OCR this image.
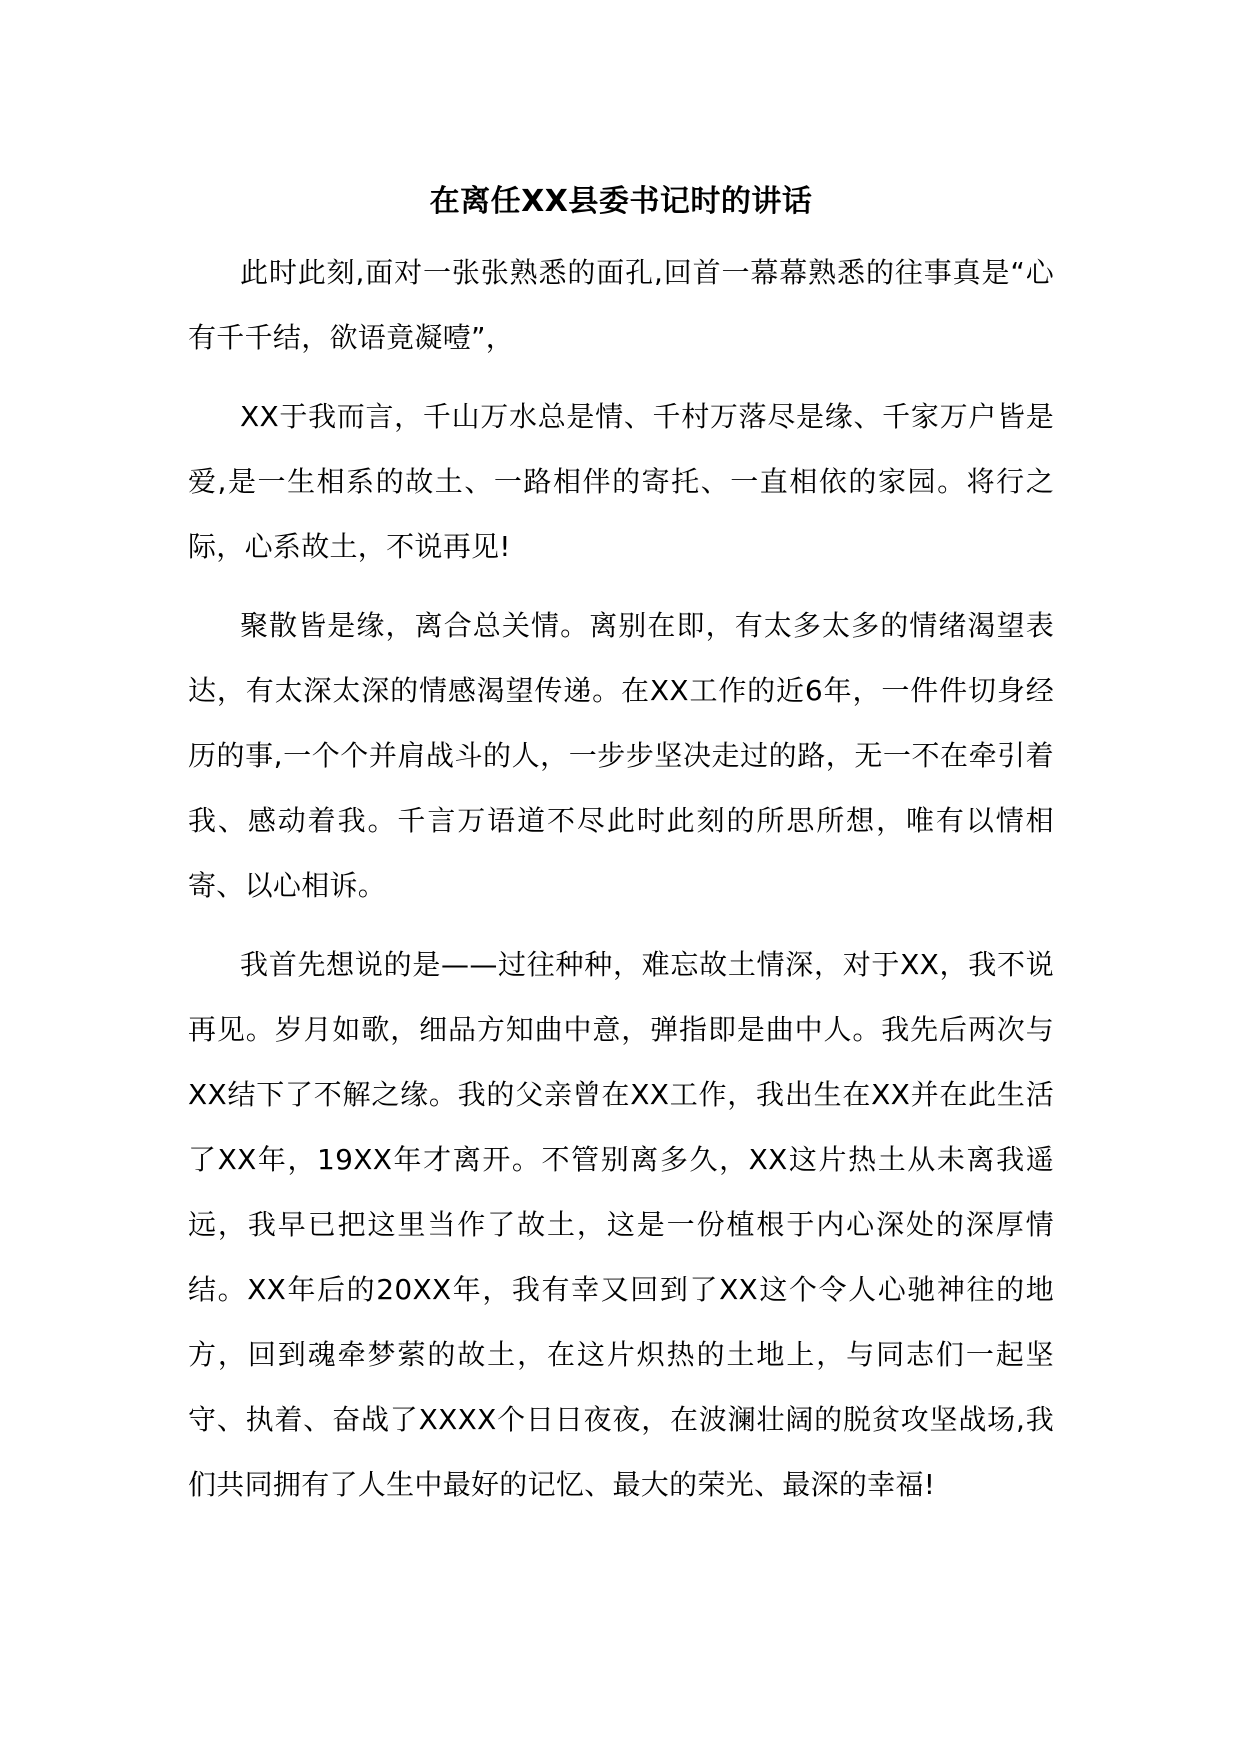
在离任XX县委书记时的讲话

此时此刻,面对一张张熟悉的面孔,回首一幕幕熟悉的往事真是“心有千千结，欲语竟凝噎”，

XX于我而言，千山万水总是情、千村万落尽是缘、千家万户皆是爱,是一生相系的故土、一路相伴的寄托、一直相依的家园。将行之际，心系故土，不说再见!

聚散皆是缘，离合总关情。离别在即，有太多太多的情绪渴望表达，有太深太深的情感渴望传递。在XX工作的近6年，一件件切身经历的事,一个个并肩战斗的人，一步步坚决走过的路，无一不在牵引着我、感动着我。千言万语道不尽此时此刻的所思所想，唯有以情相寄、以心相诉。

我首先想说的是——过往种种，难忘故土情深，对于XX，我不说再见。岁月如歌，细品方知曲中意，弹指即是曲中人。我先后两次与XX结下了不解之缘。我的父亲曾在XX工作，我出生在XX并在此生活了XX年，19XX年才离开。不管别离多久，XX这片热土从未离我遥远，我早已把这里当作了故土，这是一份植根于内心深处的深厚情结。XX年后的20XX年，我有幸又回到了XX这个令人心驰神往的地方，回到魂牵梦萦的故土，在这片炽热的土地上，与同志们一起坚守、执着、奋战了XXXX个日日夜夜，在波澜壮阔的脱贫攻坚战场,我们共同拥有了人生中最好的记忆、最大的荣光、最深的幸福!
